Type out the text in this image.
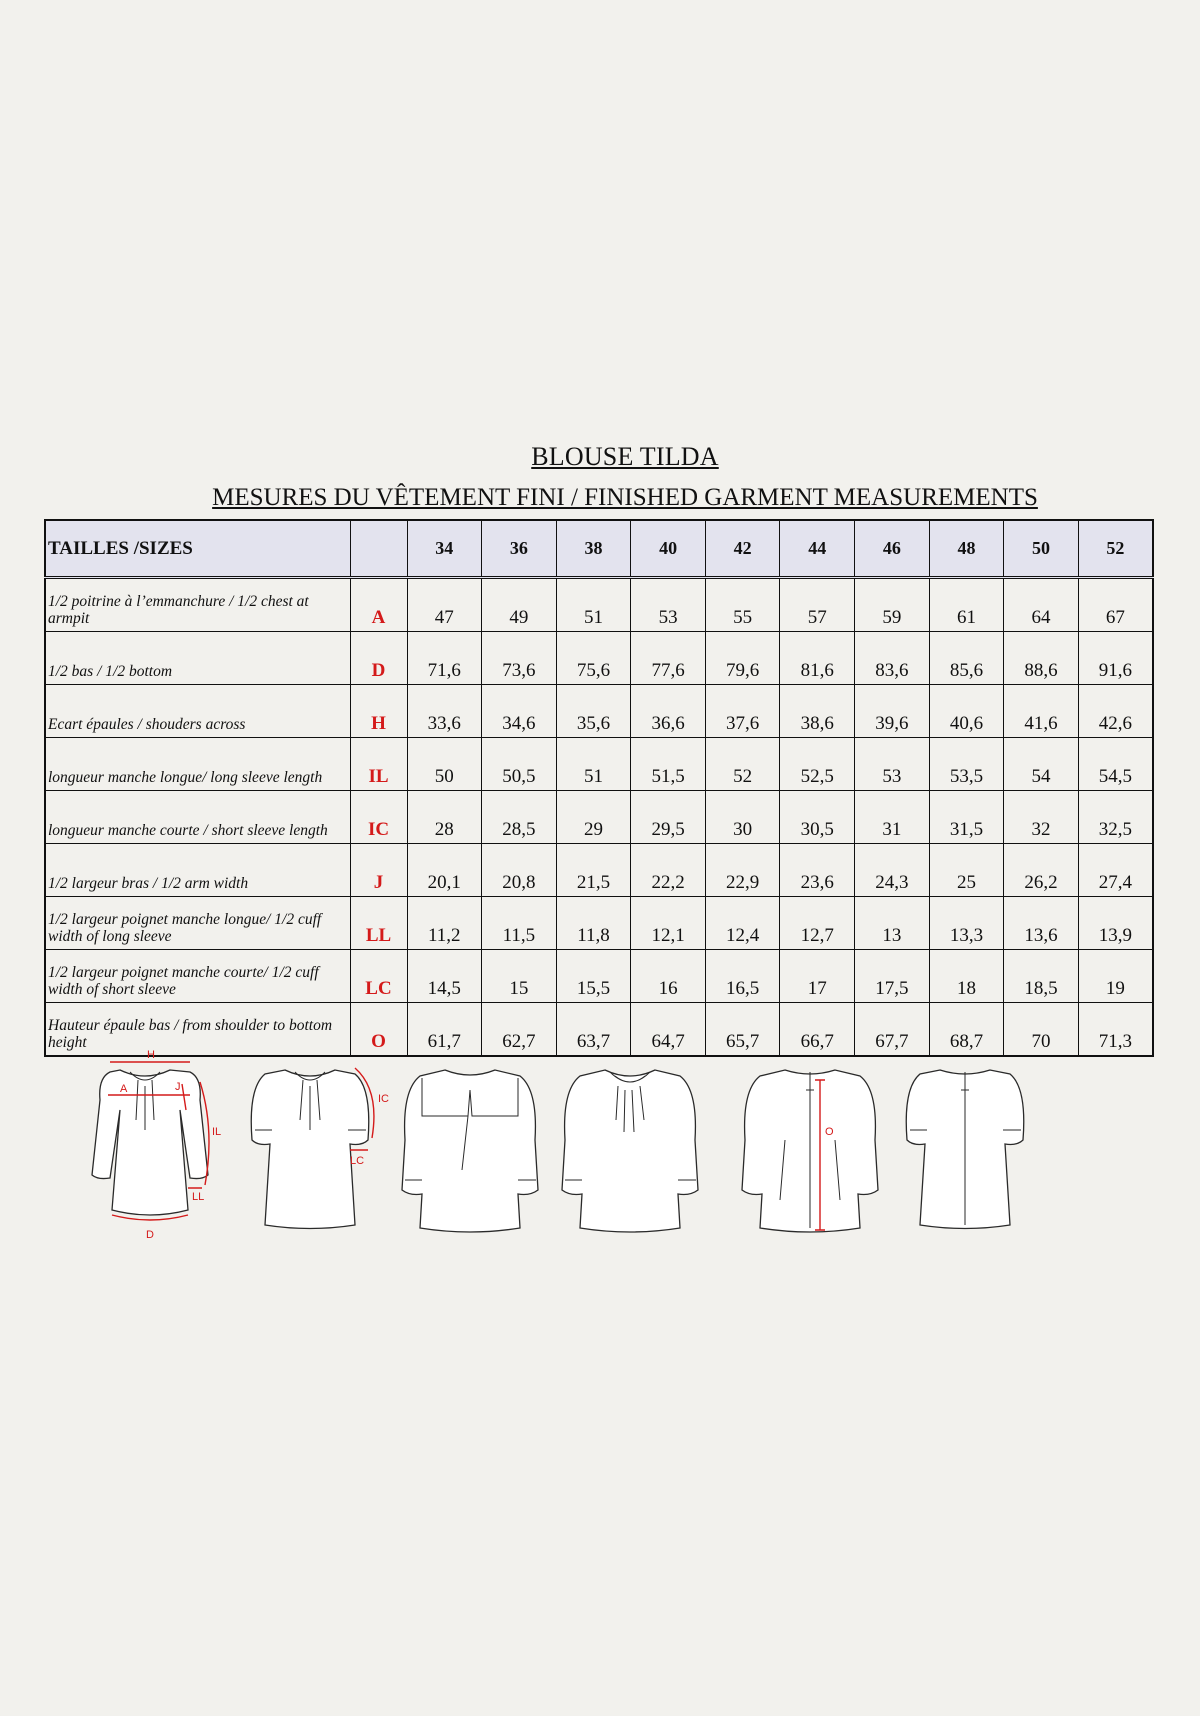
BLOUSE TILDA
MESURES DU VÊTEMENT FINI / FINISHED GARMENT MEASUREMENTS
TAILLES /SIZES		34	36	38	40	42	44	46	48	50	52
1/2 poitrine à l’emmanchure / 1/2 chest at armpit	A	47	49	51	53	55	57	59	61	64	67
1/2 bas / 1/2 bottom	D	71,6	73,6	75,6	77,6	79,6	81,6	83,6	85,6	88,6	91,6
Ecart épaules / shouders across	H	33,6	34,6	35,6	36,6	37,6	38,6	39,6	40,6	41,6	42,6
longueur manche longue/ long sleeve length	IL	50	50,5	51	51,5	52	52,5	53	53,5	54	54,5
longueur manche courte / short sleeve length	IC	28	28,5	29	29,5	30	30,5	31	31,5	32	32,5
1/2 largeur bras / 1/2 arm width	J	20,1	20,8	21,5	22,2	22,9	23,6	24,3	25	26,2	27,4
1/2 largeur poignet manche longue/ 1/2 cuff width of long sleeve	LL	11,2	11,5	11,8	12,1	12,4	12,7	13	13,3	13,6	13,9
1/2 largeur poignet manche courte/ 1/2 cuff width of short sleeve	LC	14,5	15	15,5	16	16,5	17	17,5	18	18,5	19
Hauteur épaule bas / from shoulder to bottom height	O	61,7	62,7	63,7	64,7	65,7	66,7	67,7	68,7	70	71,3
H
A	J
IL
LL
D
IC
LC
O
